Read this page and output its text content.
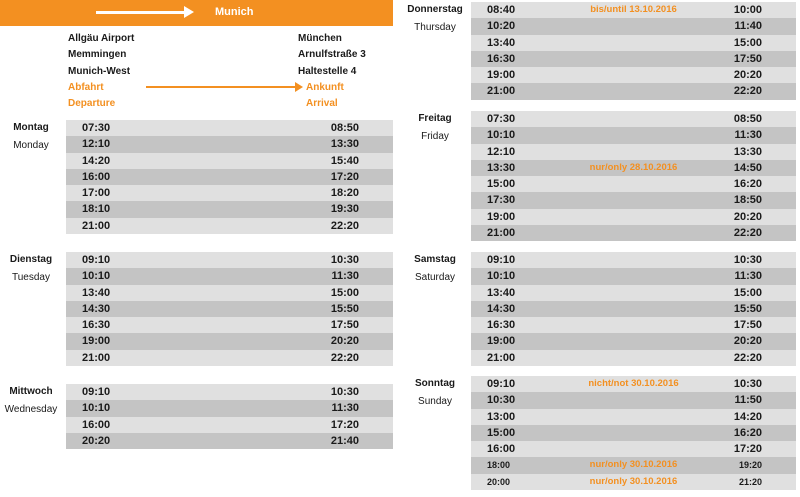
Munich
Allgäu Airport
Memmingen
Munich-West
Abfahrt
Departure
München
Arnulfstraße 3
Haltestelle 4
Ankunft
Arrival
Montag
Monday
07:30	08:50
12:10	13:30
14:20	15:40
16:00	17:20
17:00	18:20
18:10	19:30
21:00	22:20
Dienstag
Tuesday
09:10	10:30
10:10	11:30
13:40	15:00
14:30	15:50
16:30	17:50
19:00	20:20
21:00	22:20
Mittwoch
Wednesday
09:10	10:30
10:10	11:30
16:00	17:20
20:20	21:40
Donnerstag
Thursday
bis/until 13.10.2016
08:40	10:00
10:20	11:40
13:40	15:00
16:30	17:50
19:00	20:20
21:00	22:20
Freitag
Friday
07:30	08:50
10:10	11:30
12:10	13:30
nur/only 28.10.2016
13:30	14:50
15:00	16:20
17:30	18:50
19:00	20:20
21:00	22:20
Samstag
Saturday
09:10	10:30
10:10	11:30
13:40	15:00
14:30	15:50
16:30	17:50
19:00	20:20
21:00	22:20
Sonntag
Sunday
nicht/not 30.10.2016
09:10	10:30
10:30	11:50
13:00	14:20
15:00	16:20
16:00	17:20
nur/only 30.10.2016
18:00	19:20
nur/only 30.10.2016
20:00	21:20
